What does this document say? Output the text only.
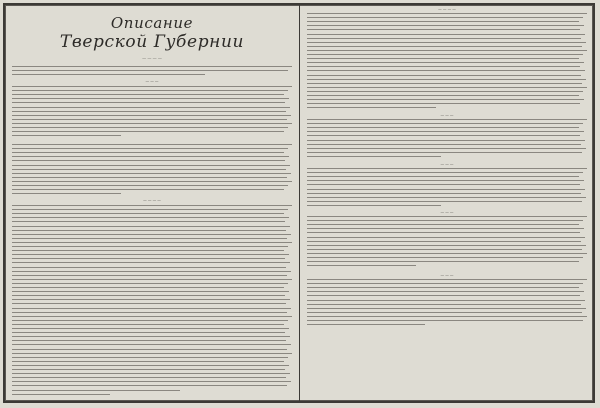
Описание
Тверской Губернии
— — — —
— — —
— — — —
— — — —
— — —
— — —
— — —
— — —
